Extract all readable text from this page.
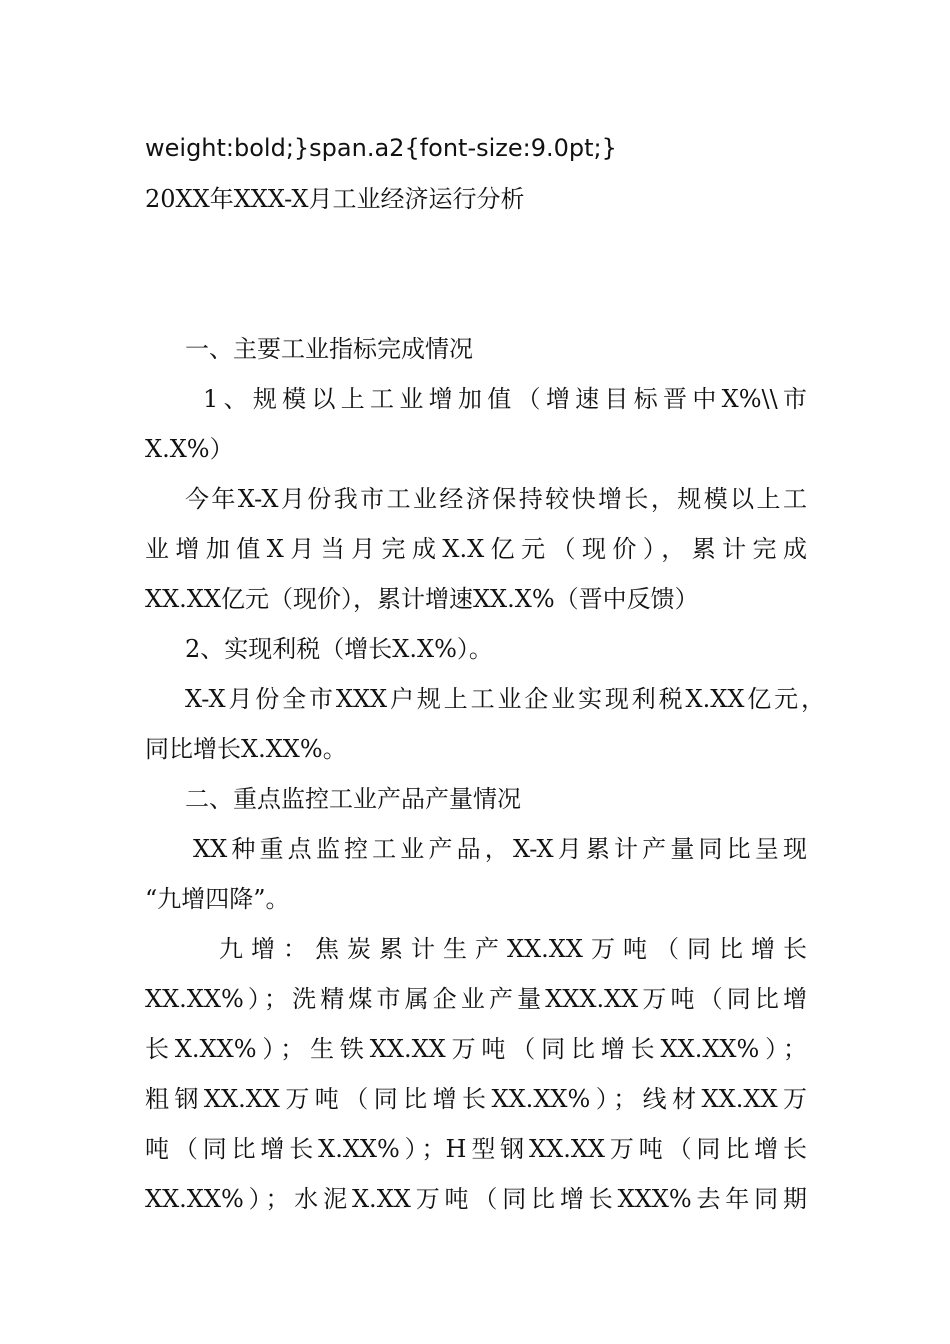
weight:bold;}span.a2{font-size:9.0pt;}
20XX年XXX-X月工业经济运行分析
一、主要工业指标完成情况
1、规模以上工业增加值（增速目标晋中X%\\市
X.X%）
今年X-X月份我市工业经济保持较快增长，规模以上工
业增加值X月当月完成X.X亿元（现价），累计完成
XX.XX亿元（现价），累计增速XX.X%（晋中反馈）
2、实现利税（增长X.X%）。
X-X月份全市XXX户规上工业企业实现利税X.XX亿元，
同比增长X.XX%。
二、重点监控工业产品产量情况
XX种重点监控工业产品，X-X月累计产量同比呈现
“九增四降”。
九增：焦炭累计生产XX.XX万吨（同比增长
XX.XX%）；洗精煤市属企业产量XXX.XX万吨（同比增
长X.XX%）；生铁XX.XX万吨（同比增长XX.XX%）；
粗钢XX.XX万吨（同比增长XX.XX%）；线材XX.XX万
吨（同比增长X.XX%）；H型钢XX.XX万吨（同比增长
XX.XX%）；水泥X.XX万吨（同比增长XXX%去年同期
